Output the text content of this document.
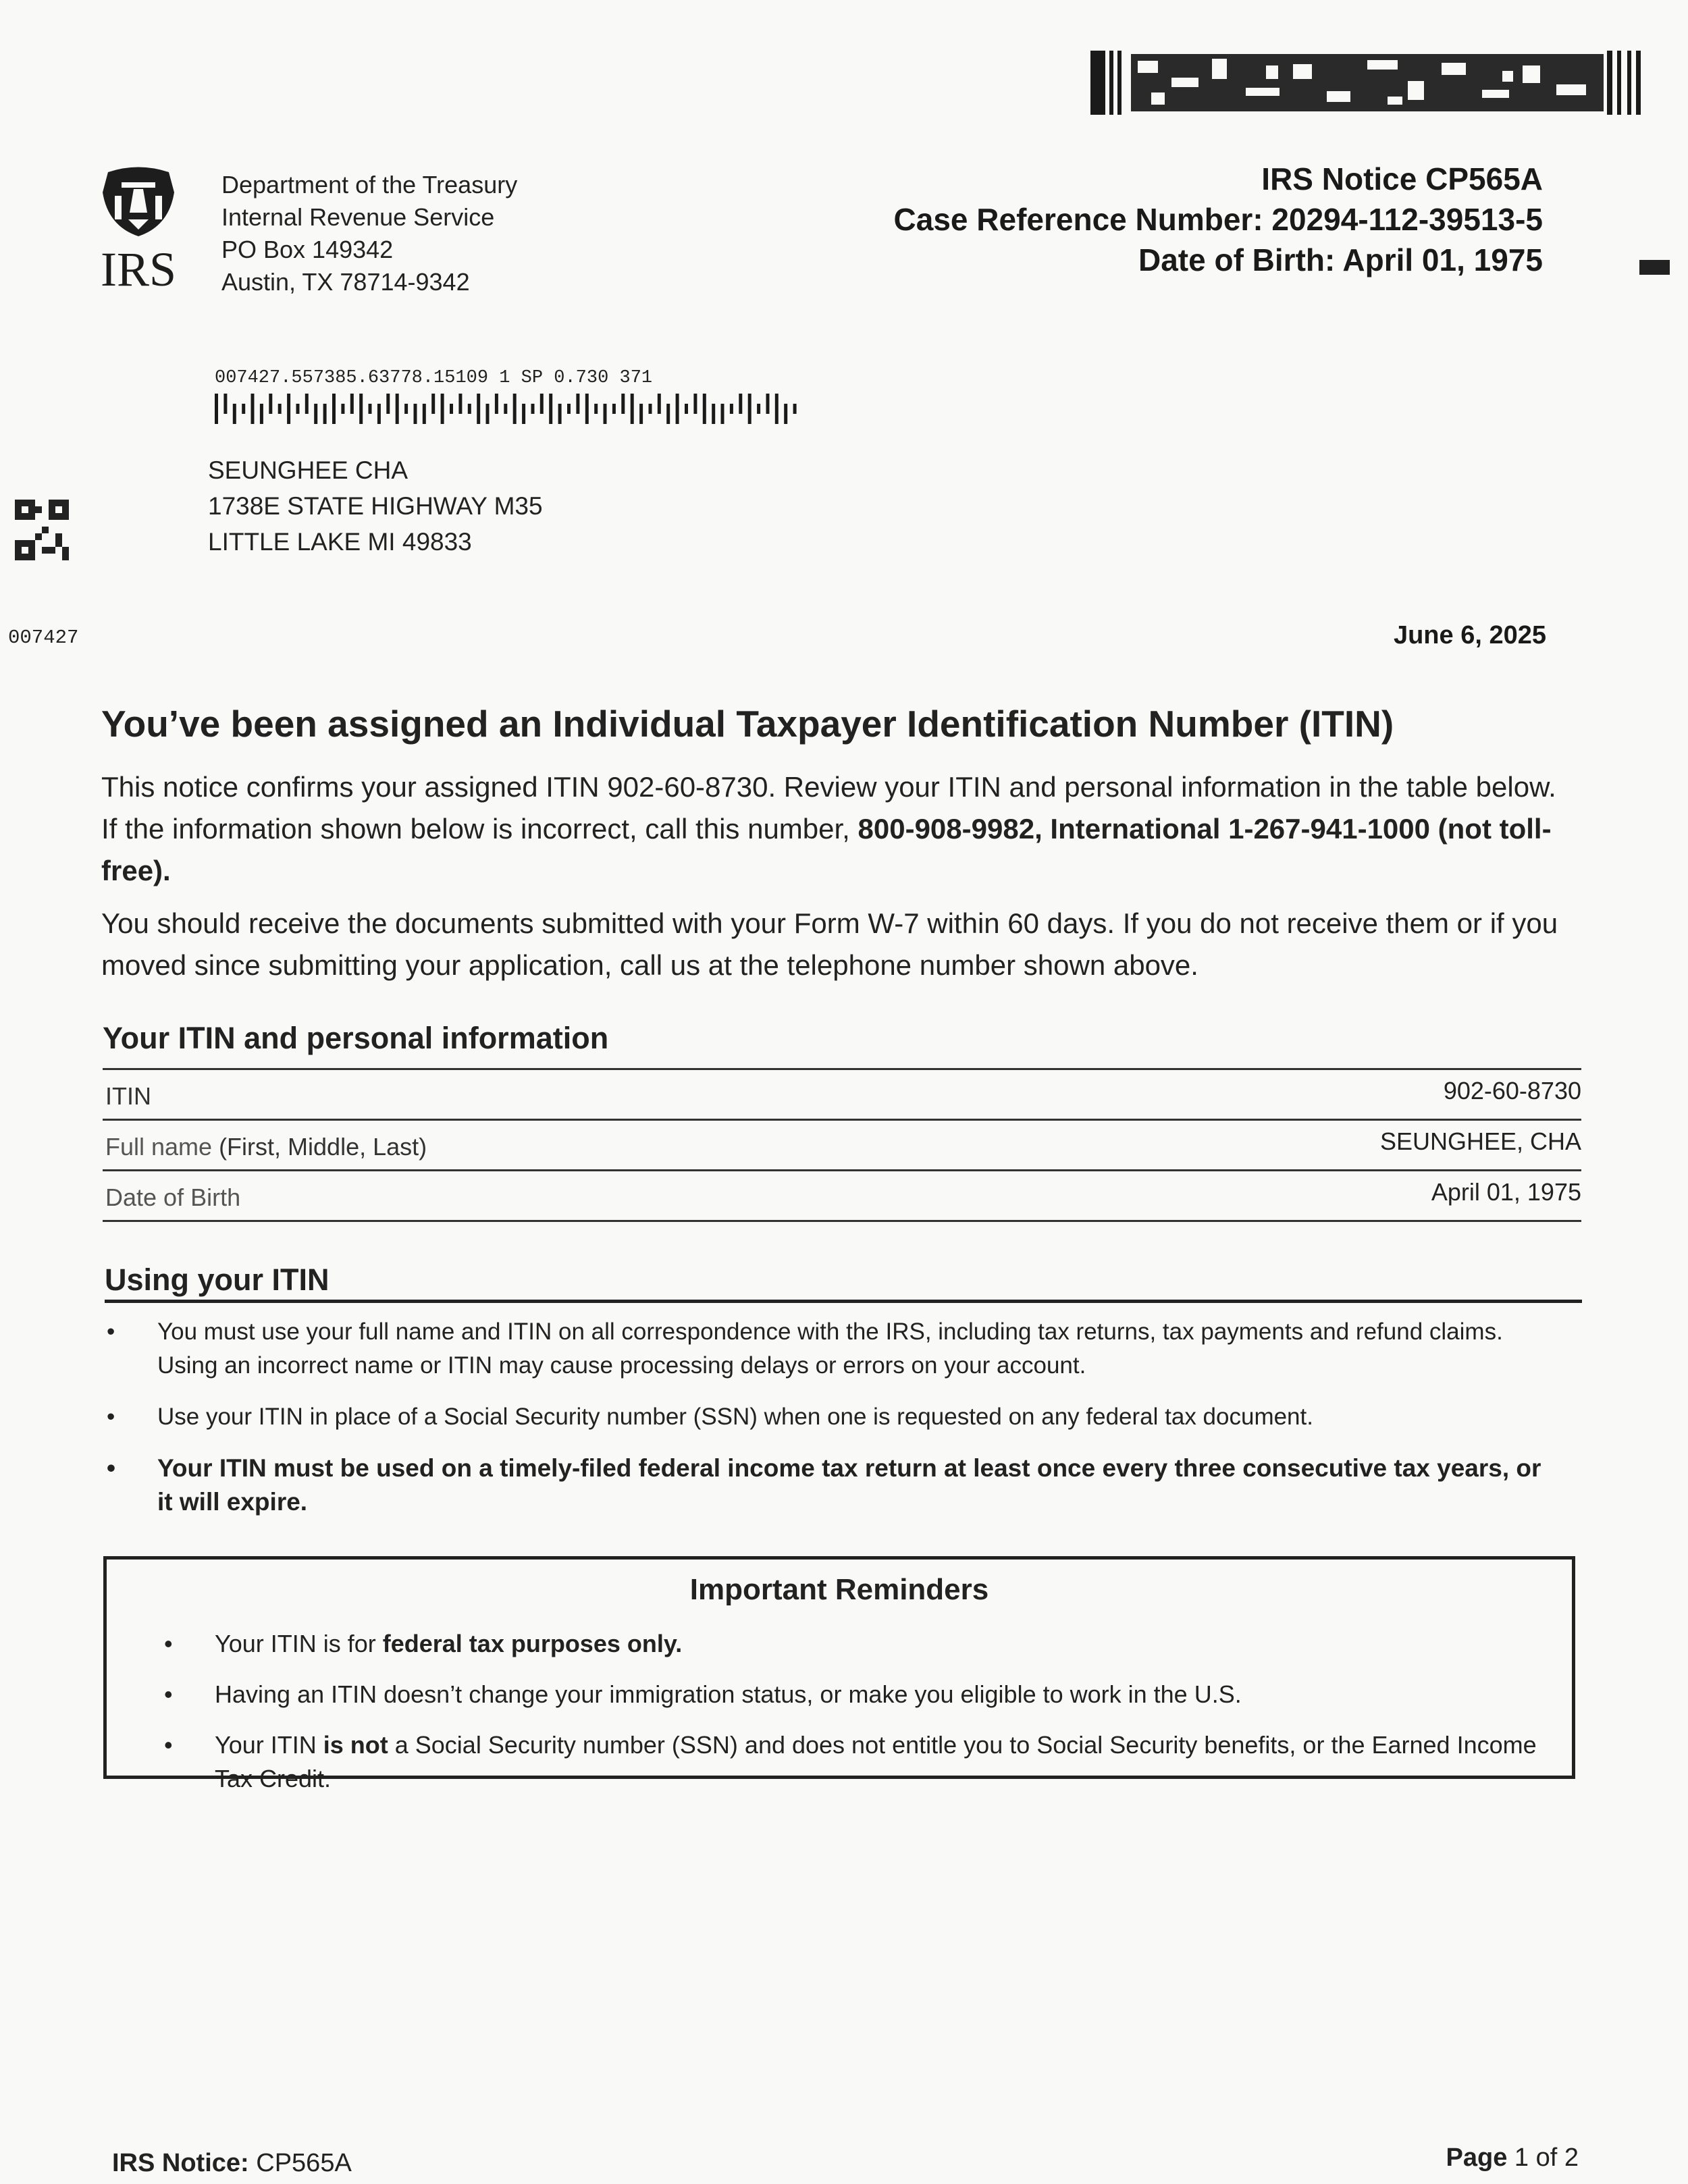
IRS
Department of the Treasury
Internal Revenue Service
PO Box 149342
Austin, TX 78714-9342
IRS Notice CP565A
Case Reference Number: 20294-112-39513-5
Date of Birth: April 01, 1975
007427
007427.557385.63778.15109 1 SP 0.730 371
SEUNGHEE CHA
1738E STATE HIGHWAY M35
LITTLE LAKE MI 49833
June 6, 2025
You’ve been assigned an Individual Taxpayer Identification Number (ITIN)
This notice confirms your assigned ITIN 902-60-8730. Review your ITIN and personal information in the table below. If the information shown below is incorrect, call this number, 800-908-9982, International 1-267-941-1000 (not toll-free).
You should receive the documents submitted with your Form W-7 within 60 days. If you do not receive them or if you moved since submitting your application, call us at the telephone number shown above.
Your ITIN and personal information
ITIN	902-60-8730
Full name (First, Middle, Last)	SEUNGHEE, CHA
Date of Birth	April 01, 1975
Using your ITIN
• You must use your full name and ITIN on all correspondence with the IRS, including tax returns, tax payments and refund claims. Using an incorrect name or ITIN may cause processing delays or errors on your account.
• Use your ITIN in place of a Social Security number (SSN) when one is requested on any federal tax document.
• Your ITIN must be used on a timely-filed federal income tax return at least once every three consecutive tax years, or it will expire.
Important Reminders
• Your ITIN is for federal tax purposes only.
• Having an ITIN doesn’t change your immigration status, or make you eligible to work in the U.S.
• Your ITIN is not a Social Security number (SSN) and does not entitle you to Social Security benefits, or the Earned Income Tax Credit.
IRS Notice: CP565A	Page 1 of 2
